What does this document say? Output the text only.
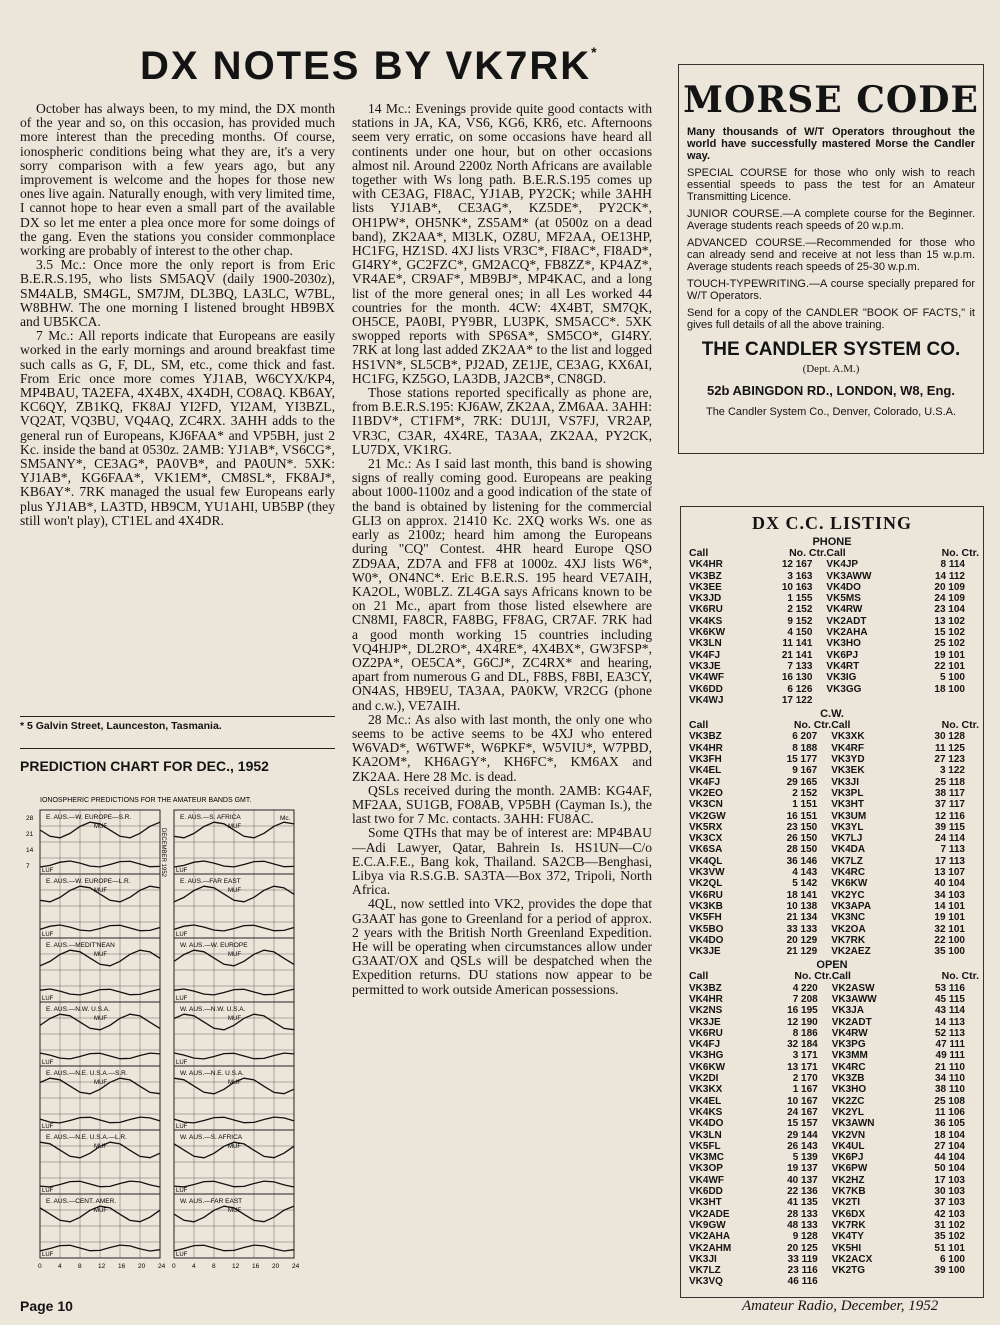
DX NOTES BY VK7RK*

October has always been, to my mind, the DX month of the year and so, on this occasion, has provided much more interest than the preceding months. Of course, ionospheric conditions being what they are, it's a very sorry comparison with a few years ago, but any improvement is welcome and the hopes for those new ones live again. Naturally enough, with very limited time, I cannot hope to hear even a small part of the available DX so let me enter a plea once more for some doings of the gang. Even the stations you consider commonplace working are probably of interest to the other chap.

3.5 Mc.: Once more the only report is from Eric B.E.R.S.195, who lists SM5AQV (daily 1900-2030z), SM4ALB, SM4GL, SM7JM, DL3BQ, LA3LC, W7BL, W8BHW. The one morning I listened brought HB9BX and UB5KCA.

7 Mc.: All reports indicate that Europeans are easily worked in the early mornings and around breakfast time such calls as G, F, DL, SM, etc., come thick and fast. From Eric once more comes YJ1AB, W6CYX/KP4, MP4BAU, TA2EFA, 4X4BX, 4X4DH, CO8AQ. KB6AY, KC6QY, ZB1KQ, FK8AJ YI2FD, YI2AM, YI3BZL, VQ2AT, VQ3BU, VQ4AQ, ZC4RX. 3AHH adds to the general run of Europeans, KJ6FAA* and VP5BH, just 2 Kc. inside the band at 0530z. 2AMB: YJ1AB*, VS6CG*, SM5ANY*, CE3AG*, PA0VB*, and PA0UN*. 5XK: YJ1AB*, KG6FAA*, VK1EM*, CM8SL*, FK8AJ*, KB6AY*. 7RK managed the usual few Europeans early plus YJ1AB*, LA3TD, HB9CM, YU1AHI, UB5BP (they still won't play), CT1EL and 4X4DR.

* 5 Galvin Street, Launceston, Tasmania.
PREDICTION CHART FOR DEC., 1952
IONOSPHERIC PREDICTIONS FOR THE AMATEUR BANDS GMT.
E. AUS.—W. EUROPE—S.R.
MUF
LUF
E. AUS.—W. EUROPE—L.R.
MUF
LUF
E. AUS.—MEDIT'NEAN
MUF
LUF
E. AUS.—N.W. U.S.A.
MUF
LUF
E. AUS.—N.E. U.S.A.—S.R.
MUF
LUF
E. AUS.—N.E. U.S.A.—L.R.
MUF
LUF
E. AUS.—CENT. AMER.
MUF
LUF
E. AUS.—S. AFRICA
MUF
LUF
E. AUS.—FAR EAST
MUF
LUF
W. AUS.—W. EUROPE
MUF
LUF
W. AUS.—N.W. U.S.A.
MUF
LUF
W. AUS.—N.E. U.S.A.
MUF
LUF
W. AUS.—S. AFRICA
MUF
LUF
W. AUS.—FAR EAST
MUF
LUF
28
21
14
7
Mc.
DECEMBER 1952
0	4	8	12 16 20 24 0	4	8	12 16 20 24

14 Mc.: Evenings provide quite good contacts with stations in JA, KA, VS6, KG6, KR6, etc. Afternoons seem very erratic, on some occasions have heard all continents under one hour, but on other occasions almost nil. Around 2200z North Africans are available together with Ws long path. B.E.R.S.195 comes up with CE3AG, FI8AC, YJ1AB, PY2CK; while 3AHH lists YJ1AB*, CE3AG*, KZ5DE*, PY2CK*, OH1PW*, OH5NK*, ZS5AM* (at 0500z on a dead band), ZK2AA*, MI3LK, OZ8U, MF2AA, OE13HP, HC1FG, HZ1SD. 4XJ lists VR3C*, FI8AC*, FI8AD*, GI4RY*, GC2FZC*, GM2ACQ*, FB8ZZ*, KP4AZ*, VR4AE*, CR9AF*, MB9BJ*, MP4KAC, and a long list of the more general ones; in all Les worked 44 countries for the month. 4CW: 4X4BT, SM7QK, OH5CE, PA0BI, PY9BR, LU3PK, SM5ACC*. 5XK swopped reports with SP6SA*, SM5CO*, GI4RY. 7RK at long last added ZK2AA* to the list and logged HS1VN*, SL5CB*, PJ2AD, ZE1JE, CE3AG, KX6AI, HC1FG, KZ5GO, LA3DB, JA2CB*, CN8GD.

Those stations reported specifically as phone are, from B.E.R.S.195: KJ6AW, ZK2AA, ZM6AA. 3AHH: I1BDV*, CT1FM*, 7RK: DU1JI, VS7FJ, VR2AP, VR3C, C3AR, 4X4RE, TA3AA, ZK2AA, PY2CK, LU7DX, VK1RG.

21 Mc.: As I said last month, this band is showing signs of really coming good. Europeans are peaking about 1000-1100z and a good indication of the state of the band is obtained by listening for the commercial GLI3 on approx. 21410 Kc. 2XQ works Ws. one as early as 2100z; heard him among the Europeans during "CQ" Contest. 4HR heard Europe QSO ZD9AA, ZD7A and FF8 at 1000z. 4XJ lists W6*, W0*, ON4NC*. Eric B.E.R.S. 195 heard VE7AIH, KA2OL, W0BLZ. ZL4GA says Africans known to be on 21 Mc., apart from those listed elsewhere are CN8MI, FA8CR, FA8BG, FF8AG, CR7AF. 7RK had a good month working 15 countries including VQ4HJP*, DL2RO*, 4X4RE*, 4X4BX*, GW3FSP*, OZ2PA*, OE5CA*, G6CJ*, ZC4RX* and hearing, apart from numerous G and DL, F8BS, F8BI, EA3CY, ON4AS, HB9EU, TA3AA, PA0KW, VR2CG (phone and c.w.), VE7AIH.

28 Mc.: As also with last month, the only one who seems to be active seems to be 4XJ who entered W6VAD*, W6TWF*, W6PKF*, W5VIU*, W7PBD, KA2OM*, KH6AGY*, KH6FC*, KM6AX and ZK2AA. Here 28 Mc. is dead.

QSLs received during the month. 2AMB: KG4AF, MF2AA, SU1GB, FO8AB, VP5BH (Cayman Is.), the last two for 7 Mc. contacts. 3AHH: FU8AC.

Some QTHs that may be of interest are: MP4BAU—Adi Lawyer, Qatar, Bahrein Is. HS1UN—C/o E.C.A.F.E., Bang kok, Thailand. SA2CB—Benghasi, Libya via R.S.G.B. SA3TA—Box 372, Tripoli, North Africa.

4QL, now settled into VK2, provides the dope that G3AAT has gone to Greenland for a period of approx. 2 years with the British North Greenland Expedition. He will be operating when circumstances allow under G3AAT/OX and QSLs will be despatched when the Expedition returns. DU stations now appear to be permitted to work outside American possessions.

MORSE CODE

Many thousands of W/T Operators throughout the world have successfully mastered Morse the Candler way.

SPECIAL COURSE for those who only wish to reach essential speeds to pass the test for an Amateur Transmitting Licence.

JUNIOR COURSE.—A complete course for the Beginner. Average students reach speeds of 20 w.p.m.

ADVANCED COURSE.—Recommended for those who can already send and receive at not less than 15 w.p.m. Average students reach speeds of 25-30 w.p.m.

TOUCH-TYPEWRITING.—A course specially prepared for W/T Operators.

Send for a copy of the CANDLER "BOOK OF FACTS," it gives full details of all the above training.

THE CANDLER SYSTEM CO.
(Dept. A.M.)
52b ABINGDON RD., LONDON, W8, Eng.
The Candler System Co., Denver, Colorado, U.S.A.
DX C.C. LISTING
PHONE
Call	No. Ctr.	Call	No. Ctr.
VK4HR	12 167	VK4JP	8 114
VK3BZ	3 163	VK3AWW	14 112
VK3EE	10 163	VK4DO	20 109
VK3JD	1 155	VK5MS	24 109
VK6RU	2 152	VK4RW	23 104
VK4KS	9 152	VK2ADT	13 102
VK6KW	4 150	VK2AHA	15 102
VK3LN	11 141	VK3HO	25 102
VK4FJ	21 141	VK6PJ	19 101
VK3JE	7 133	VK4RT	22 101
VK4WF	16 130	VK3IG	5 100
VK6DD	6 126	VK3GG	18 100
VK4WJ	17 122		
C.W.
Call	No. Ctr.	Call	No. Ctr.
VK3BZ	6 207	VK3XK	30 128
VK4HR	8 188	VK4RF	11 125
VK3FH	15 177	VK3YD	27 123
VK4EL	9 167	VK3EK	3 122
VK4FJ	29 165	VK3JI	25 118
VK2EO	2 152	VK3PL	38 117
VK3CN	1 151	VK3HT	37 117
VK2GW	16 151	VK3UM	12 116
VK5RX	23 150	VK3YL	39 115
VK3CX	26 150	VK7LJ	24 114
VK6SA	28 150	VK4DA	7 113
VK4QL	36 146	VK7LZ	17 113
VK3VW	4 143	VK4RC	13 107
VK2QL	5 142	VK6KW	40 104
VK6RU	18 141	VK2YC	34 103
VK3KB	10 138	VK3APA	14 101
VK5FH	21 134	VK3NC	19 101
VK5BO	33 133	VK2OA	32 101
VK4DO	20 129	VK7RK	22 100
VK3JE	21 129	VK2AEZ	35 100
OPEN
Call	No. Ctr.	Call	No. Ctr.
VK3BZ	4 220	VK2ASW	53 116
VK4HR	7 208	VK3AWW	45 115
VK2NS	16 195	VK3JA	43 114
VK3JE	12 190	VK2ADT	14 113
VK6RU	8 186	VK4RW	52 113
VK4FJ	32 184	VK3PG	47 111
VK3HG	3 171	VK3MM	49 111
VK6KW	13 171	VK4RC	21 110
VK2DI	2 170	VK3ZB	34 110
VK3KX	1 167	VK3HO	38 110
VK4EL	10 167	VK2ZC	25 108
VK4KS	24 167	VK2YL	11 106
VK4DO	15 157	VK3AWN	36 105
VK3LN	29 144	VK2VN	18 104
VK5FL	26 143	VK4UL	27 104
VK3MC	5 139	VK6PJ	44 104
VK3OP	19 137	VK6PW	50 104
VK4WF	40 137	VK2HZ	17 103
VK6DD	22 136	VK7KB	30 103
VK3HT	41 135	VK2TI	37 103
VK2ADE	28 133	VK6DX	42 103
VK9GW	48 133	VK7RK	31 102
VK2AHA	9 128	VK4TY	35 102
VK2AHM	20 125	VK5HI	51 101
VK3JI	33 119	VK2ACX	6 100
VK7LZ	23 116	VK2TG	39 100
VK3VQ	46 116		
Page 10	Amateur Radio, December, 1952
